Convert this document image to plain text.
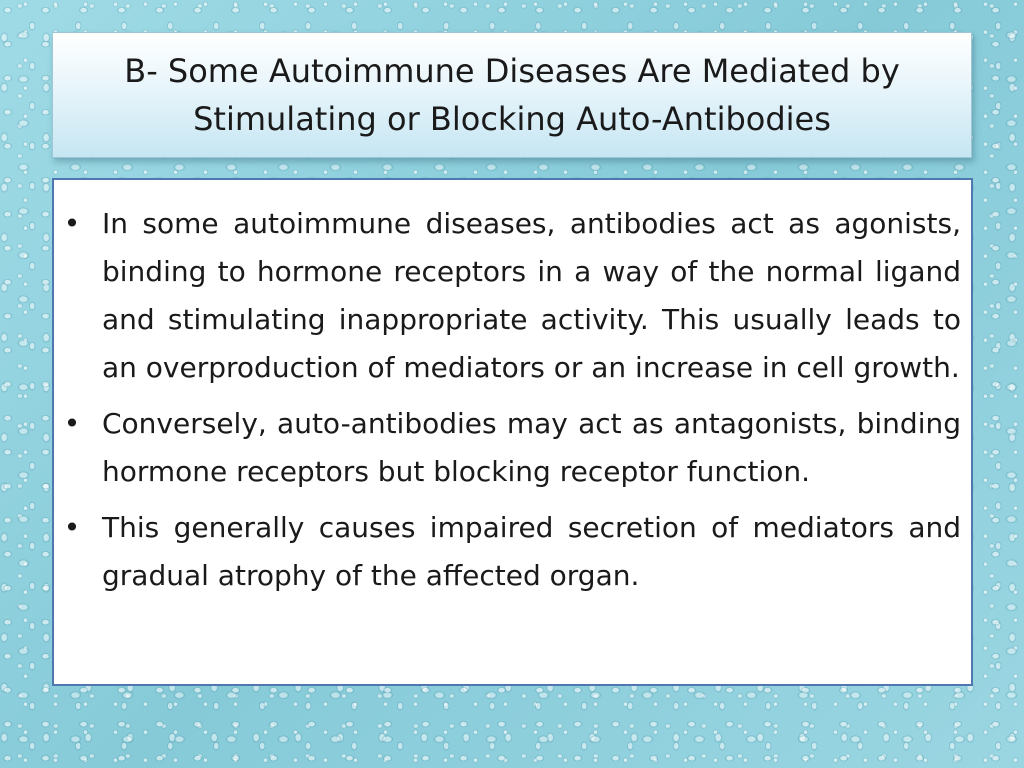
B- Some Autoimmune Diseases Are Mediated by Stimulating or Blocking Auto-Antibodies
• In some autoimmune diseases, antibodies act as agonists, binding to hormone receptors in a way of the normal ligand and stimulating inappropriate activity. This usually leads to an overproduction of mediators or an increase in cell growth.
• Conversely, auto-antibodies may act as antagonists, binding hormone receptors but blocking receptor function.
• This generally causes impaired secretion of mediators and gradual atrophy of the affected organ.
